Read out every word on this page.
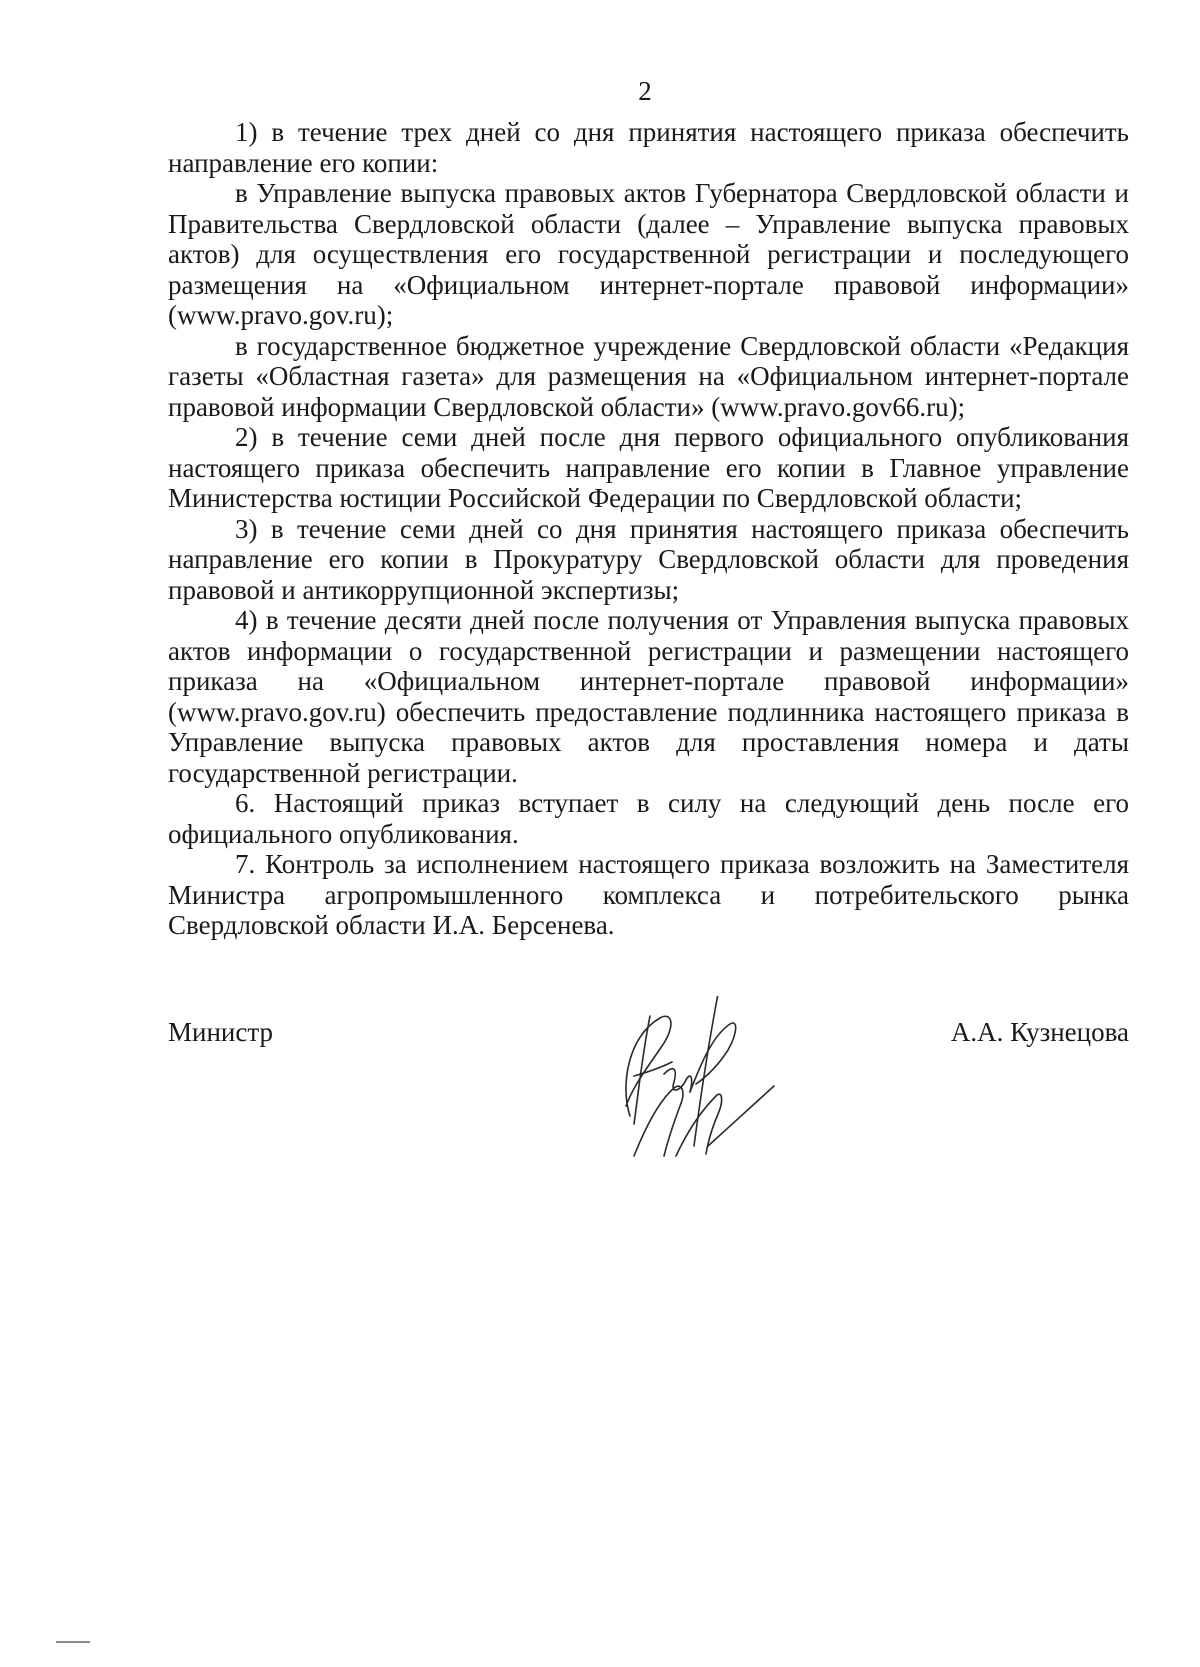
2

1) в течение трех дней со дня принятия настоящего приказа обеспечить направление его копии:

в Управление выпуска правовых актов Губернатора Свердловской области и Правительства Свердловской области (далее – Управление выпуска правовых актов) для осуществления его государственной регистрации и последующего размещения на «Официальном интернет-портале правовой информации» (www.pravo.gov.ru);

в государственное бюджетное учреждение Свердловской области «Редакция газеты «Областная газета» для размещения на «Официальном интернет-портале правовой информации Свердловской области» (www.pravo.gov66.ru);

2) в течение семи дней после дня первого официального опубликования настоящего приказа обеспечить направление его копии в Главное управление Министерства юстиции Российской Федерации по Свердловской области;

3) в течение семи дней со дня принятия настоящего приказа обеспечить направление его копии в Прокуратуру Свердловской области для проведения правовой и антикоррупционной экспертизы;

4) в течение десяти дней после получения от Управления выпуска правовых актов информации о государственной регистрации и размещении настоящего приказа на «Официальном интернет-портале правовой информации» (www.pravo.gov.ru) обеспечить предоставление подлинника настоящего приказа в Управление выпуска правовых актов для проставления номера и даты государственной регистрации.

6. Настоящий приказ вступает в силу на следующий день после его официального опубликования.

7. Контроль за исполнением настоящего приказа возложить на Заместителя Министра агропромышленного комплекса и потребительского рынка Свердловской области И.А. Берсенева.

Министр	А.А. Кузнецова
